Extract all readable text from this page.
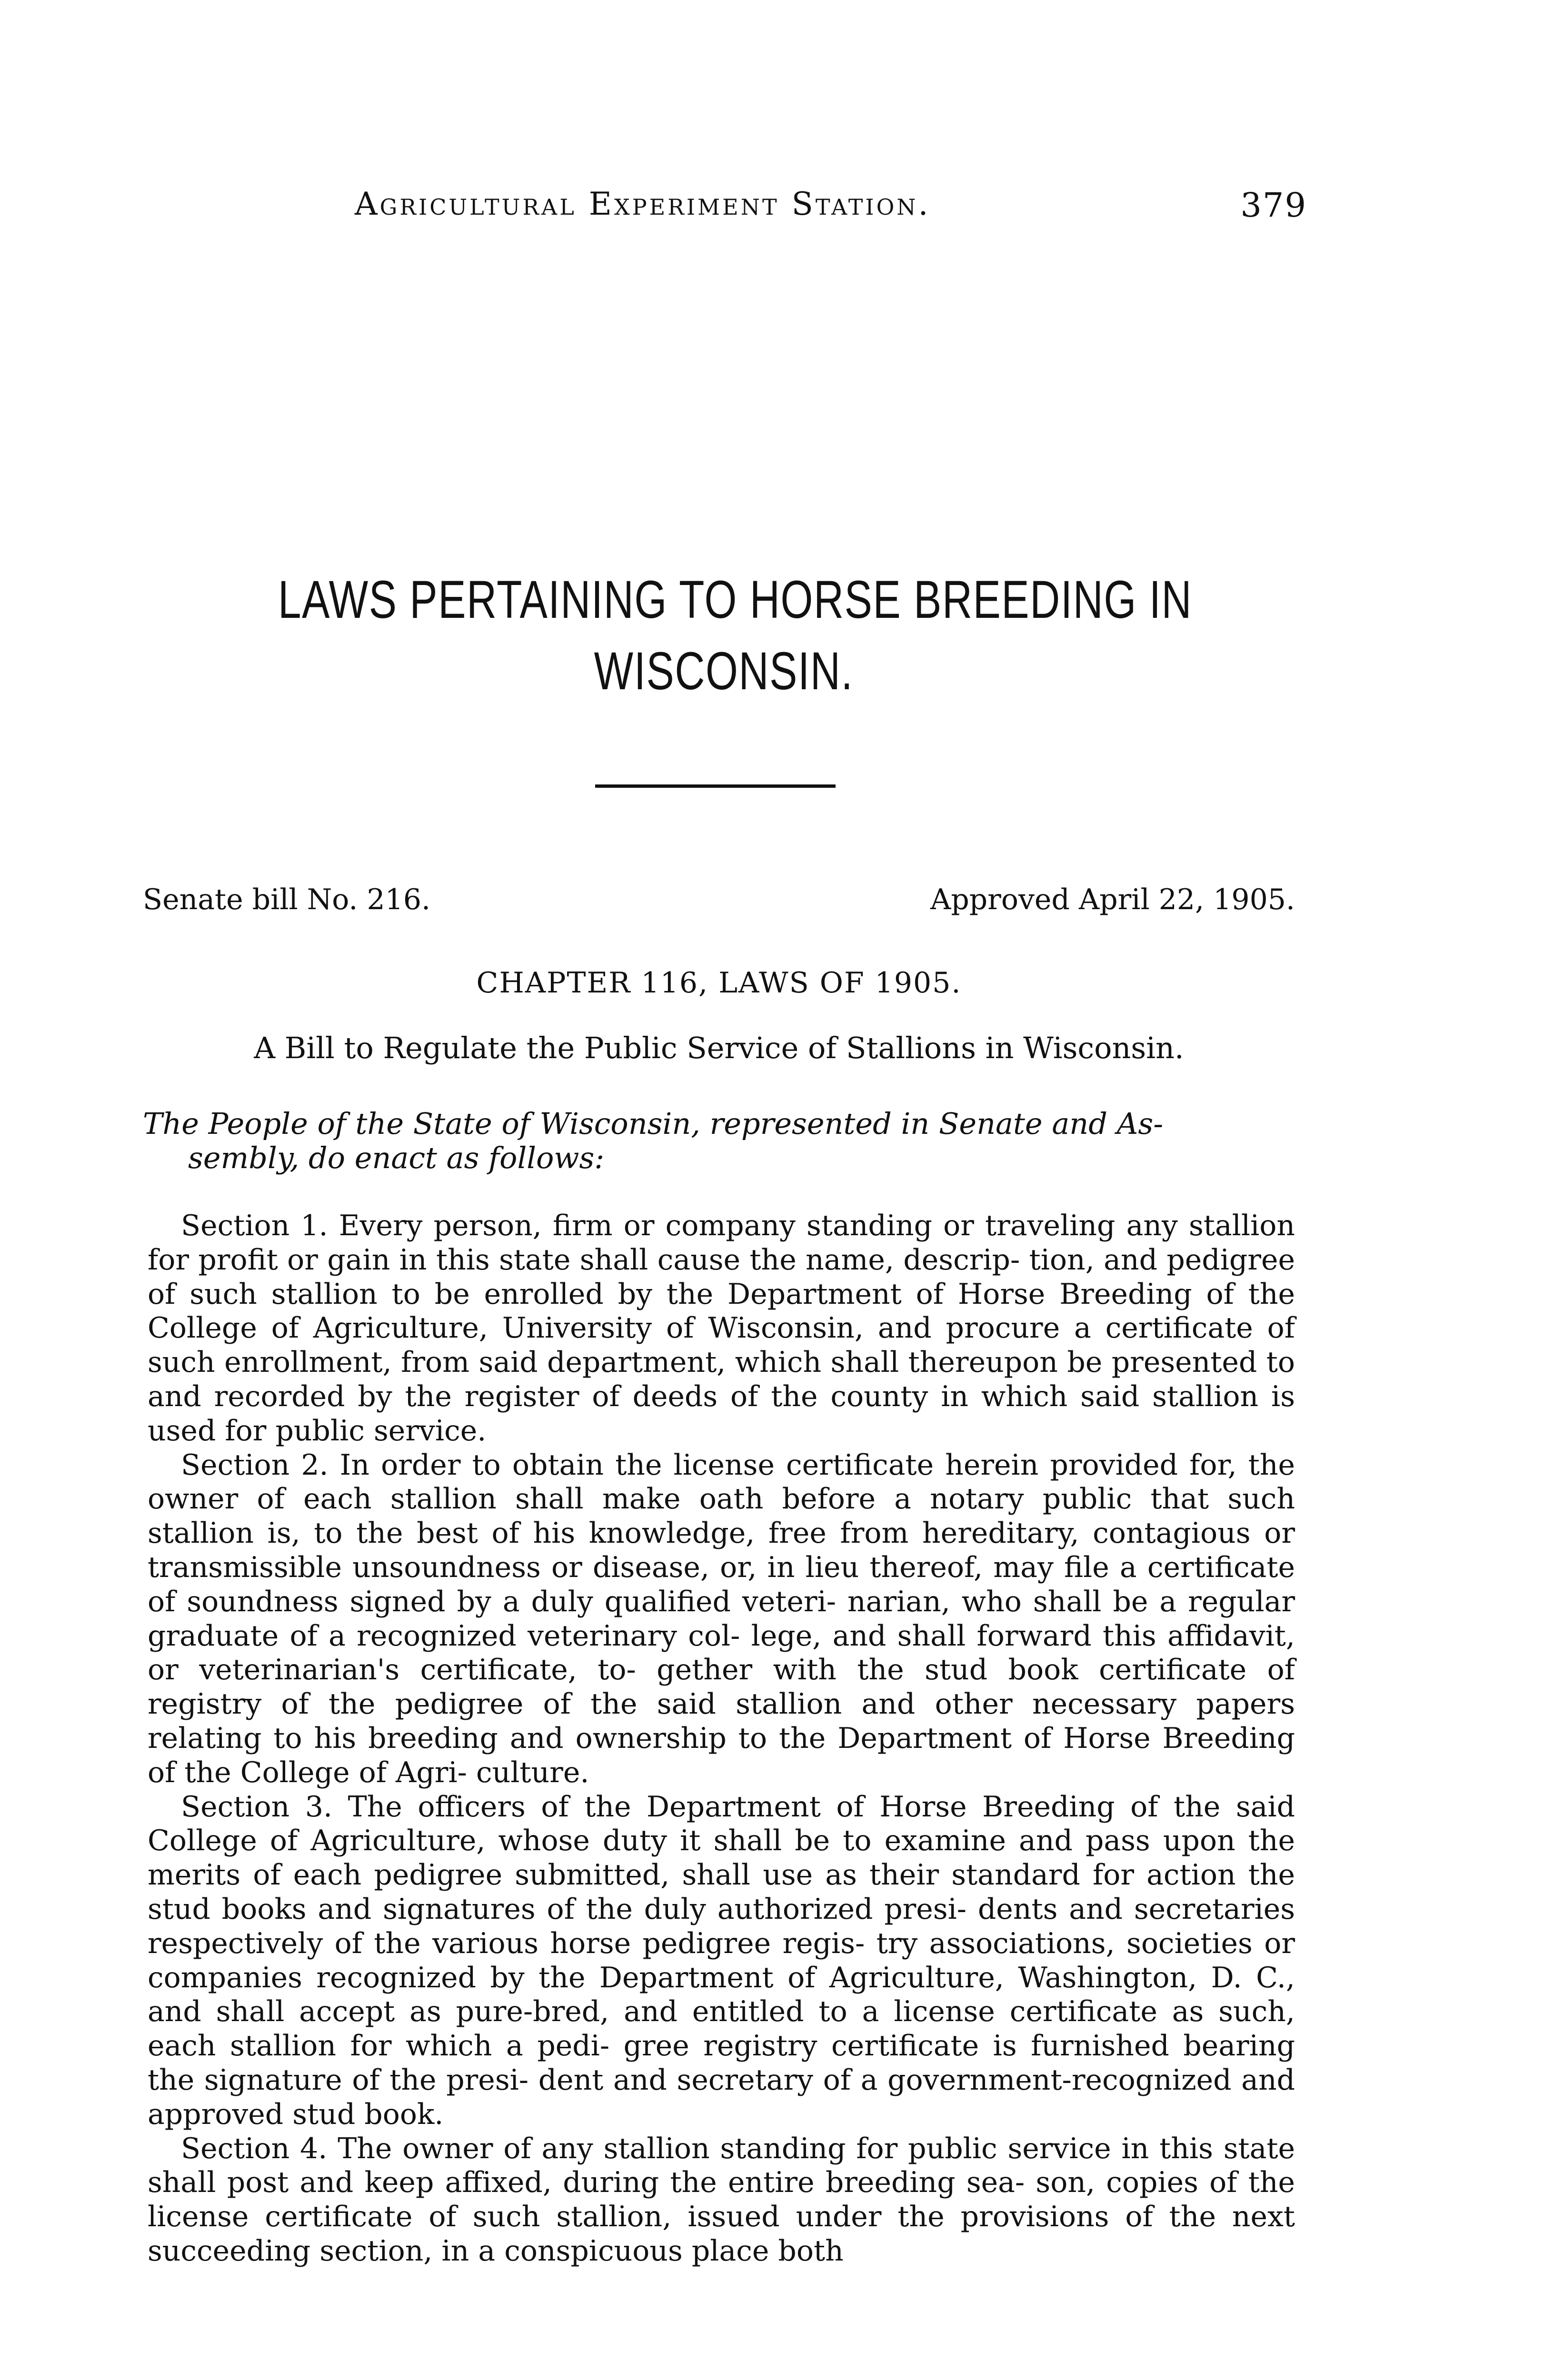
Agricultural Experiment Station.	379
LAWS PERTAINING TO HORSE BREEDING IN
WISCONSIN.
Senate bill No. 216.	Approved April 22, 1905.
CHAPTER 116, LAWS OF 1905.
A Bill to Regulate the Public Service of Stallions in Wisconsin.
The People of the State of Wisconsin, represented in Senate and As-
sembly, do enact as follows:

Section 1. Every person, firm or company standing or traveling any stallion for profit or gain in this state shall cause the name, descrip- tion, and pedigree of such stallion to be enrolled by the Department of Horse Breeding of the College of Agriculture, University of Wisconsin, and procure a certificate of such enrollment, from said department, which shall thereupon be presented to and recorded by the register of deeds of the county in which said stallion is used for public service.

Section 2. In order to obtain the license certificate herein provided for, the owner of each stallion shall make oath before a notary public that such stallion is, to the best of his knowledge, free from hereditary, contagious or transmissible unsoundness or disease, or, in lieu thereof, may file a certificate of soundness signed by a duly qualified veteri- narian, who shall be a regular graduate of a recognized veterinary col- lege, and shall forward this affidavit, or veterinarian's certificate, to- gether with the stud book certificate of registry of the pedigree of the said stallion and other necessary papers relating to his breeding and ownership to the Department of Horse Breeding of the College of Agri- culture.

Section 3. The officers of the Department of Horse Breeding of the said College of Agriculture, whose duty it shall be to examine and pass upon the merits of each pedigree submitted, shall use as their standard for action the stud books and signatures of the duly authorized presi- dents and secretaries respectively of the various horse pedigree regis- try associations, societies or companies recognized by the Department of Agriculture, Washington, D. C., and shall accept as pure-bred, and entitled to a license certificate as such, each stallion for which a pedi- gree registry certificate is furnished bearing the signature of the presi- dent and secretary of a government-recognized and approved stud book.

Section 4. The owner of any stallion standing for public service in this state shall post and keep affixed, during the entire breeding sea- son, copies of the license certificate of such stallion, issued under the provisions of the next succeeding section, in a conspicuous place both
